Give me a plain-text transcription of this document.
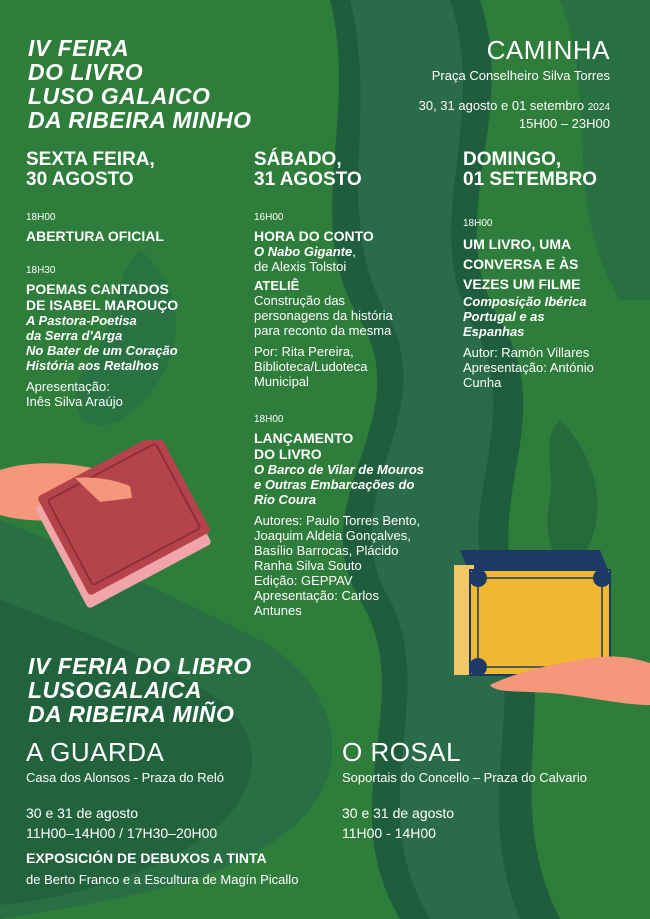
IV FEIRA
DO LIVRO
LUSO GALAICO
DA RIBEIRA MINHO
CAMINHA
Praça Conselheiro Silva Torres
30, 31 agosto e 01 setembro 2024
15H00 – 23H00
SEXTA FEIRA,
30 AGOSTO
18H00
ABERTURA OFICIAL
18H30
POEMAS CANTADOS
DE ISABEL MAROUÇO
A Pastora-Poetisa
da Serra d'Arga
No Bater de um Coração
História aos Retalhos
Apresentação:
Inês Silva Araújo
SÁBADO,
31 AGOSTO
16H00
HORA DO CONTO
O Nabo Gigante,
de Alexis Tolstoi
ATELIÊ
Construção das
personagens da história
para reconto da mesma
Por: Rita Pereira,
Biblioteca/Ludoteca
Municipal
18H00
LANÇAMENTO
DO LIVRO
O Barco de Vilar de Mouros
e Outras Embarcações do
Rio Coura
Autores: Paulo Torres Bento,
Joaquim Aldeia Gonçalves,
Basílio Barrocas, Plácido
Ranha Silva Souto
Edição: GEPPAV
Apresentação: Carlos
Antunes
DOMINGO,
01 SETEMBRO
18H00
UM LIVRO, UMA
CONVERSA E ÀS
VEZES UM FILME
Composição Ibérica
Portugal e as
Espanhas
Autor: Ramón Villares
Apresentação: António
Cunha
IV FERIA DO LIBRO
LUSOGALAICA
DA RIBEIRA MIÑO
A GUARDA
Casa dos Alonsos - Praza do Reló
30 e 31 de agosto
11H00–14H00 / 17H30–20H00
O ROSAL
Soportais do Concello – Praza do Calvario
30 e 31 de agosto
11H00 - 14H00
EXPOSICIÓN DE DEBUXOS A TINTA
de Berto Franco e a Escultura de Magín Picallo
